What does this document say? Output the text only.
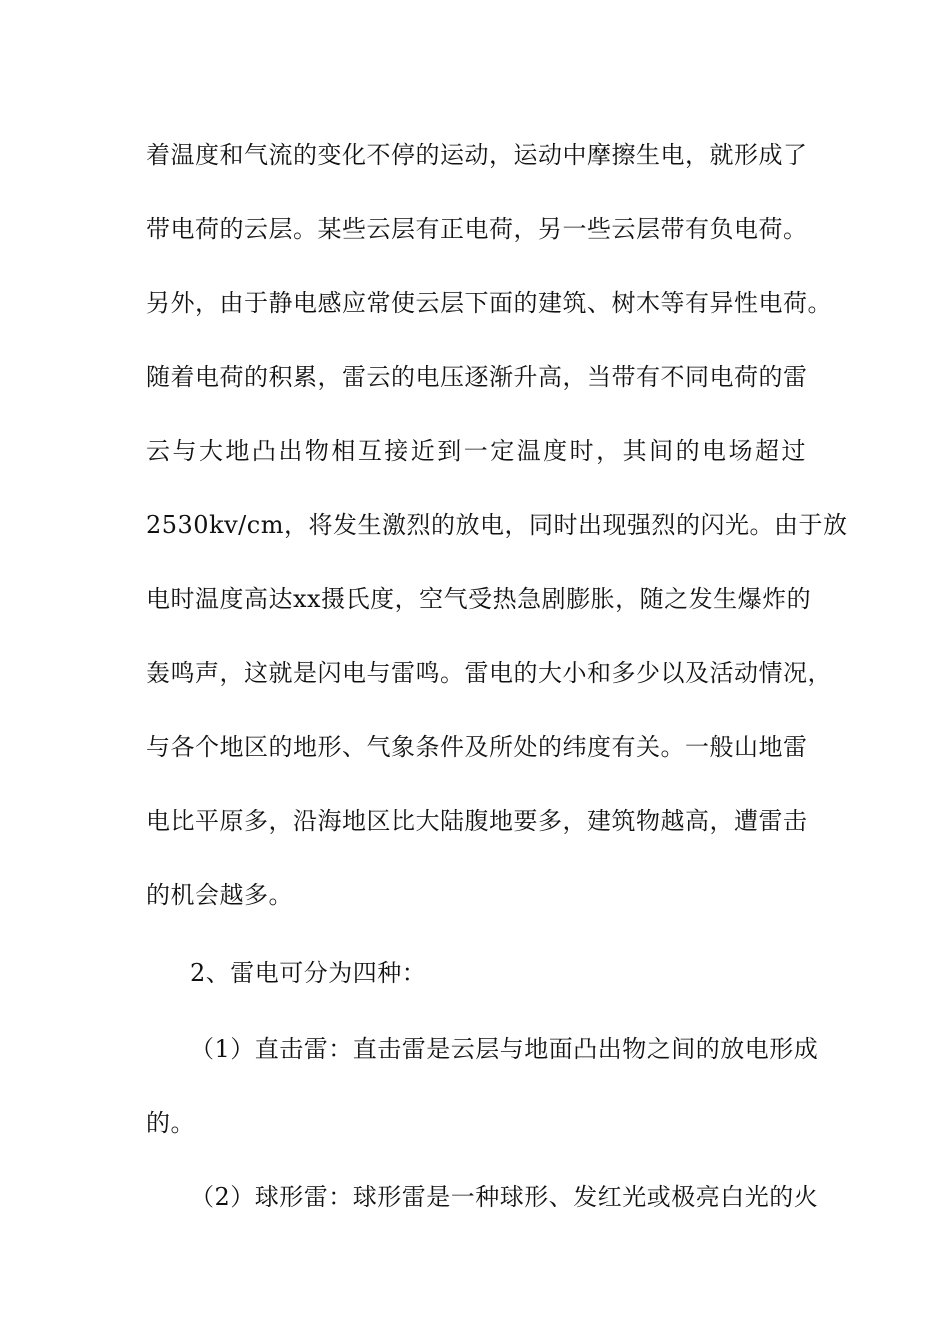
着温度和气流的变化不停的运动，运动中摩擦生电，就形成了
带电荷的云层。某些云层有正电荷，另一些云层带有负电荷。
另外，由于静电感应常使云层下面的建筑、树木等有异性电荷。
随着电荷的积累，雷云的电压逐渐升高，当带有不同电荷的雷
云与大地凸出物相互接近到一定温度时，其间的电场超过
2530kv/cm，将发生激烈的放电，同时出现强烈的闪光。由于放
电时温度高达xx摄氏度，空气受热急剧膨胀，随之发生爆炸的
轰鸣声，这就是闪电与雷鸣。雷电的大小和多少以及活动情况，
与各个地区的地形、气象条件及所处的纬度有关。一般山地雷
电比平原多，沿海地区比大陆腹地要多，建筑物越高，遭雷击
的机会越多。
2、雷电可分为四种：
（1）直击雷：直击雷是云层与地面凸出物之间的放电形成
的。
（2）球形雷：球形雷是一种球形、发红光或极亮白光的火
